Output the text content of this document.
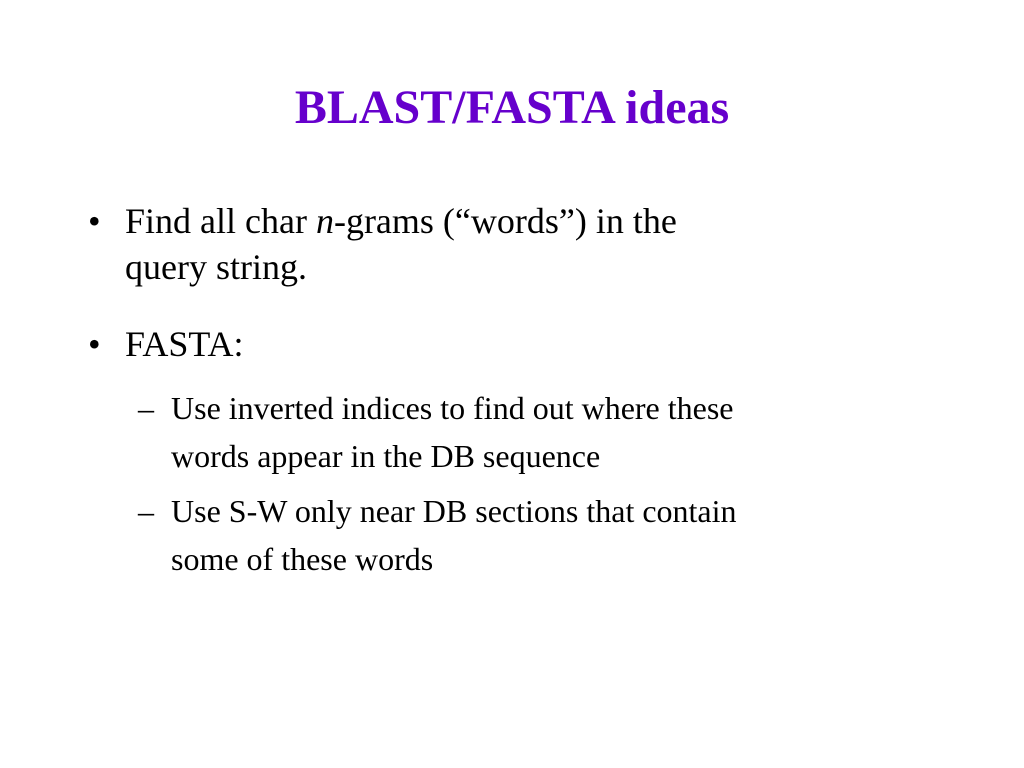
BLAST/FASTA ideas
• Find all char n-grams (“words”) in the
query string.
• FASTA:
– Use inverted indices to find out where these
words appear in the DB sequence
– Use S-W only near DB sections that contain
some of these words
